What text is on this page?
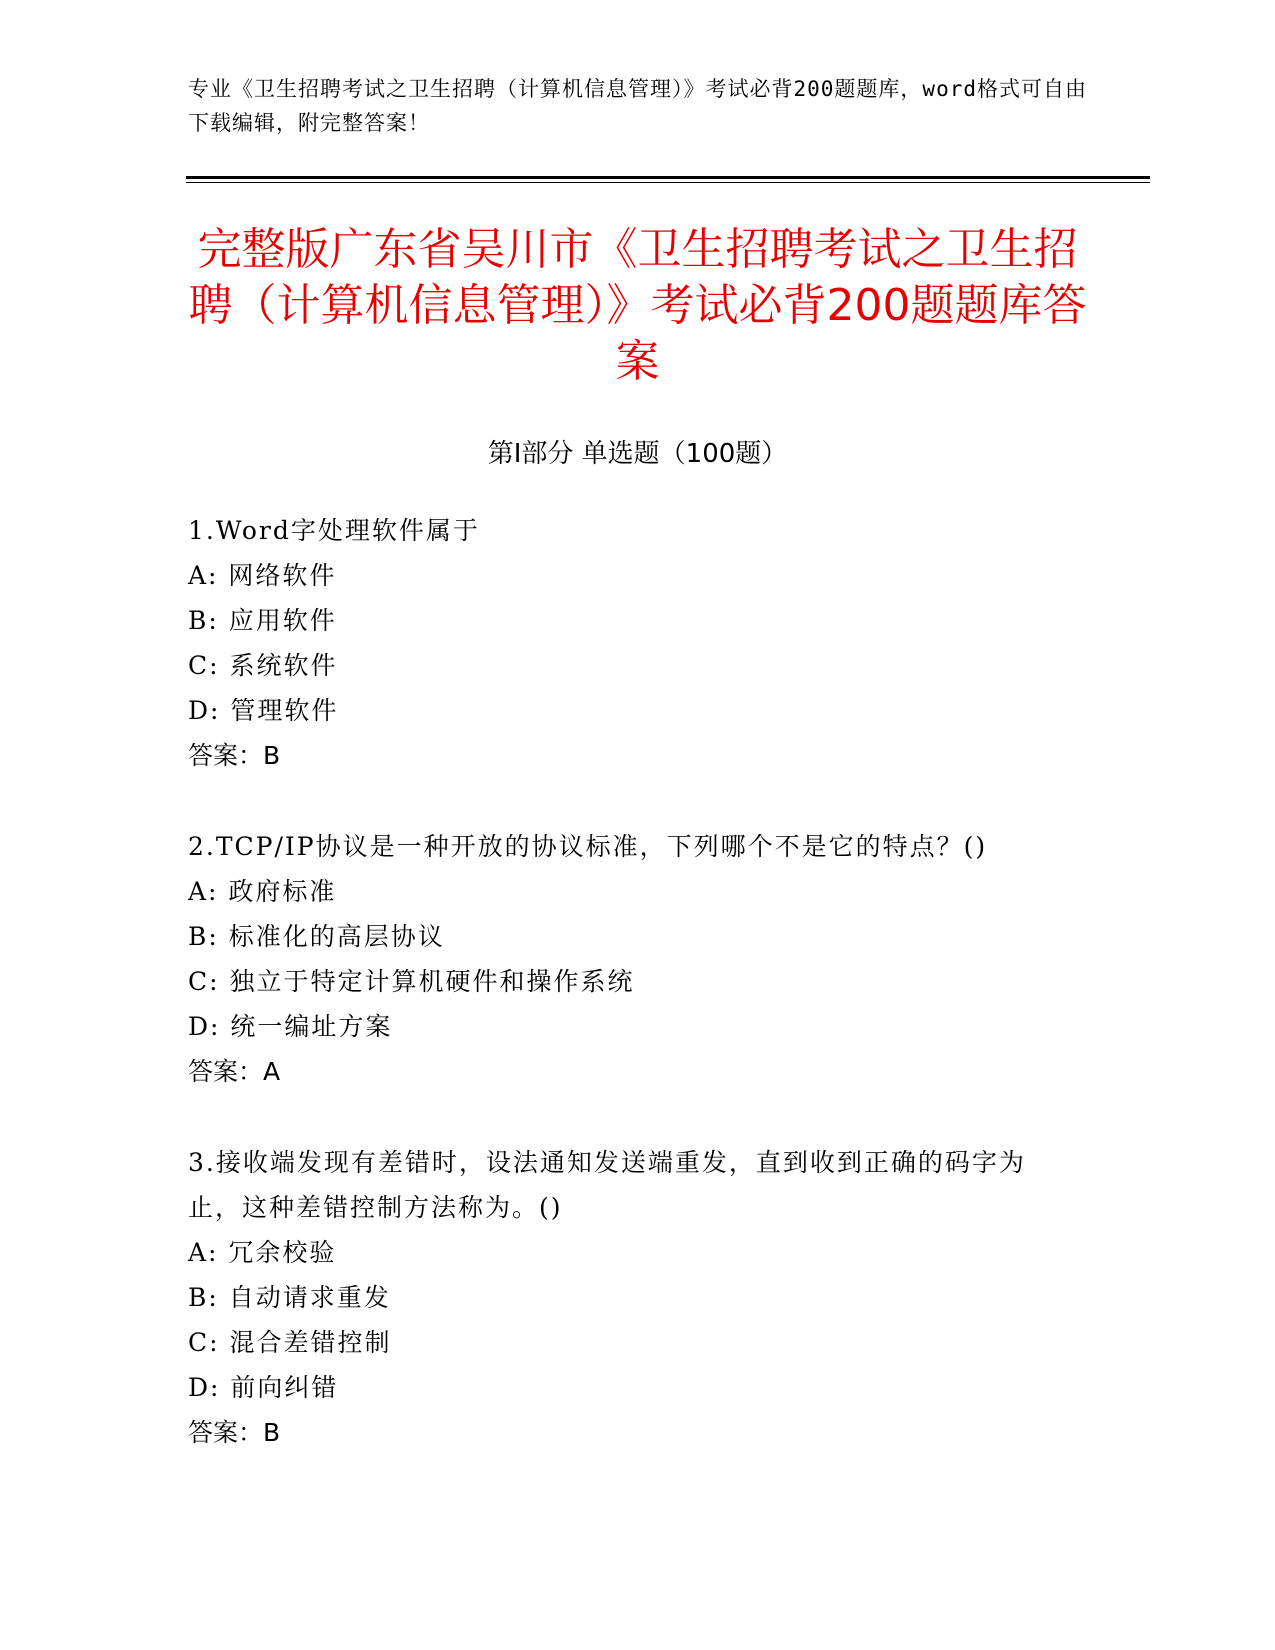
专业《卫生招聘考试之卫生招聘（计算机信息管理）》考试必背200题题库，word格式可自由下载编辑，附完整答案！
完整版广东省吴川市《卫生招聘考试之卫生招聘（计算机信息管理）》考试必背200题题库答案
第Ⅰ部分 单选题（100题）

1.Word字处理软件属于

A: 网络软件

B: 应用软件

C: 系统软件

D: 管理软件

答案：B

2.TCP/IP协议是一种开放的协议标准，下列哪个不是它的特点？()

A: 政府标准

B: 标准化的高层协议

C: 独立于特定计算机硬件和操作系统

D: 统一编址方案

答案：A

3.接收端发现有差错时，设法通知发送端重发，直到收到正确的码字为止，这种差错控制方法称为。()

A: 冗余校验

B: 自动请求重发

C: 混合差错控制

D: 前向纠错

答案：B
